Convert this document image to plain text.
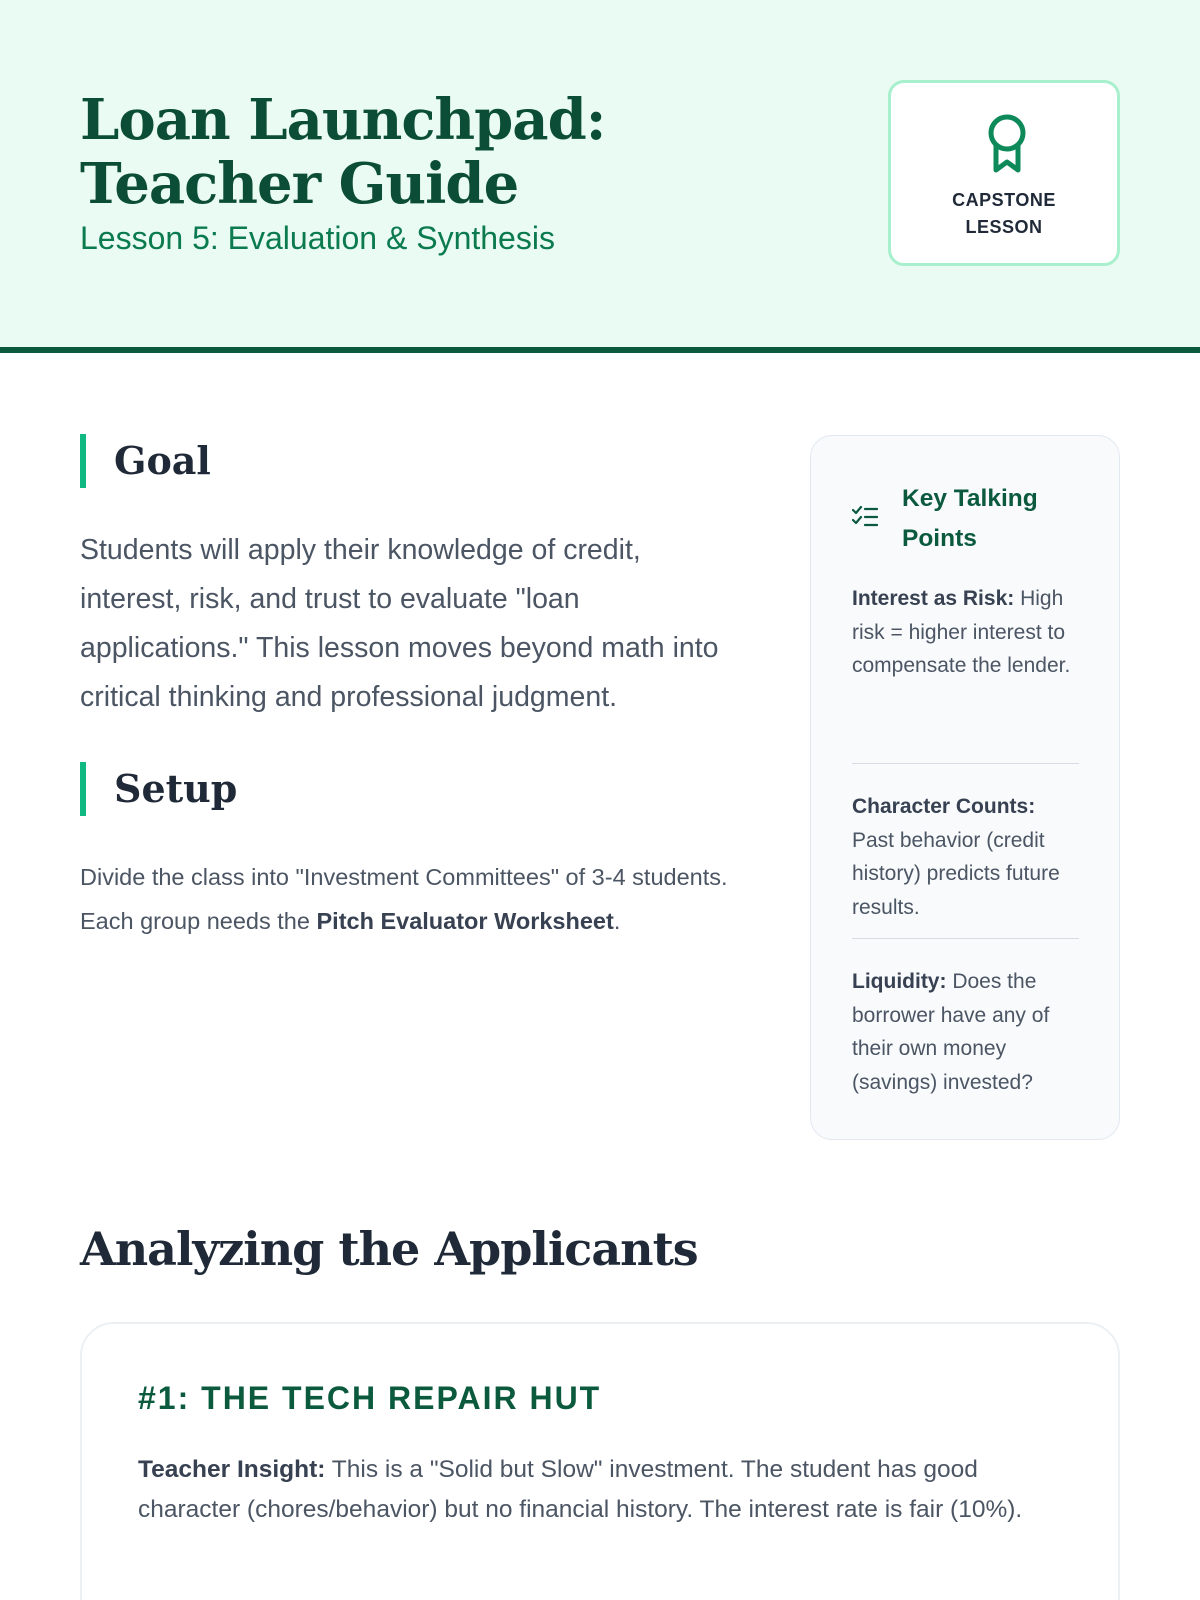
Loan Launchpad: Teacher Guide
Lesson 5: Evaluation & Synthesis
CAPSTONE
LESSON
Goal

Students will apply their knowledge of credit, interest, risk, and trust to evaluate "loan applications." This lesson moves beyond math into critical thinking and professional judgment.

Setup

Divide the class into "Investment Committees" of 3-4 students. Each group needs the Pitch Evaluator Worksheet.

Key Talking Points

Interest as Risk: High risk = higher interest to compensate the lender.

Character Counts: Past behavior (credit history) predicts future results.

Liquidity: Does the borrower have any of their own money (savings) invested?

Analyzing the Applicants
#1: THE TECH REPAIR HUT

Teacher Insight: This is a "Solid but Slow" investment. The student has good character (chores/behavior) but no financial history. The interest rate is fair (10%).
